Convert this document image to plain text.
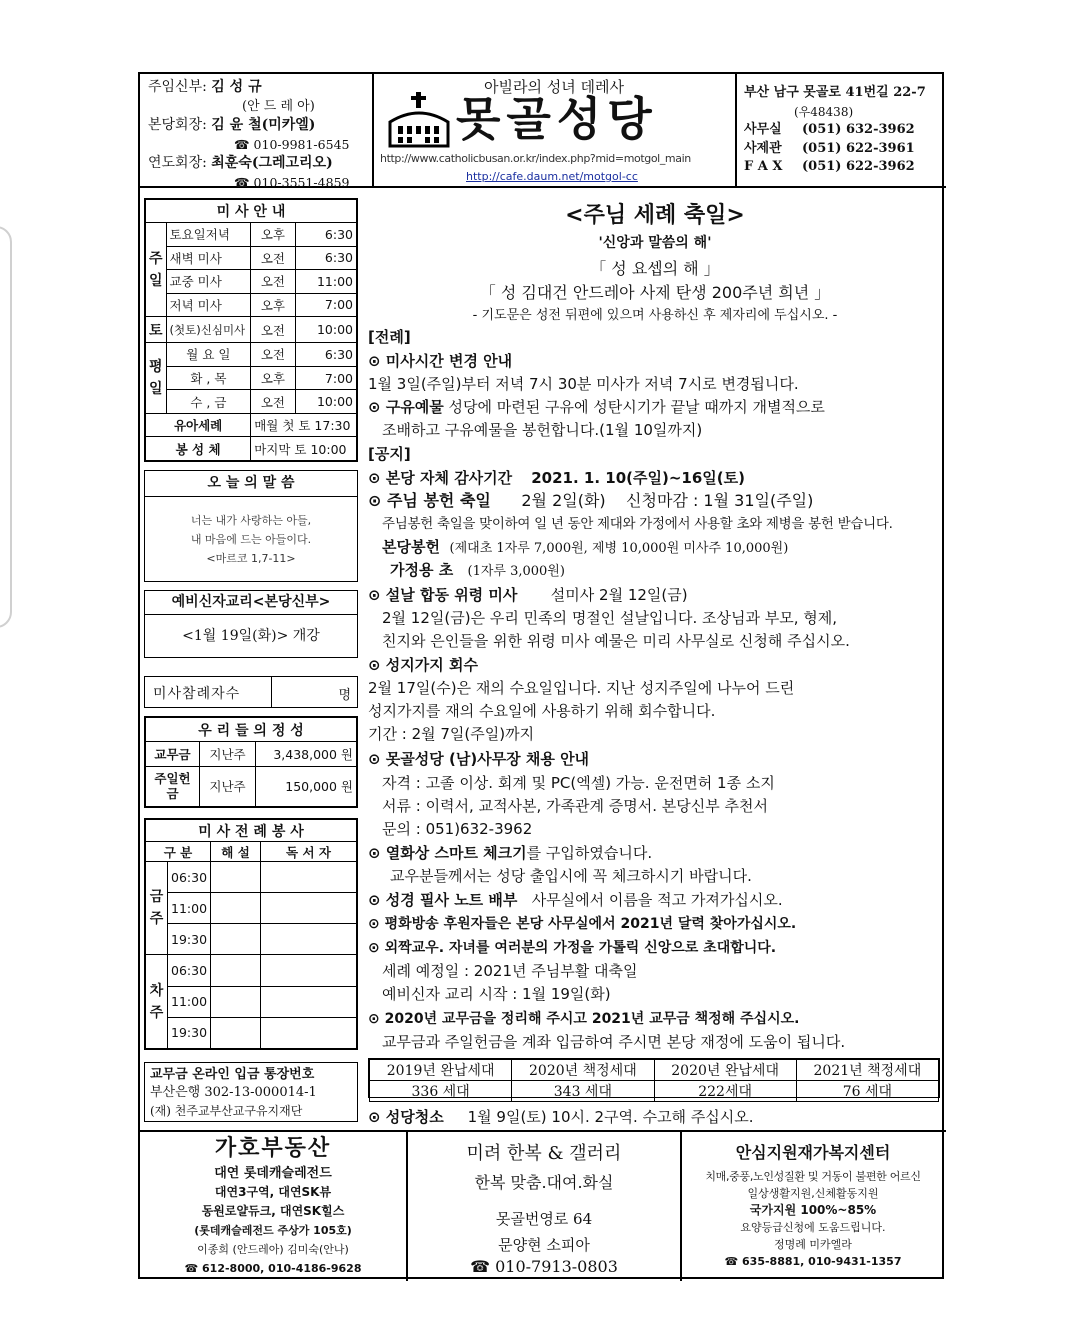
주임신부: 김 성 규
(안 드 레 아)
본당회장: 김 윤 철(미카엘)
☎ 010-9981-6545
연도회장: 최훈숙(그레고리오)
☎ 010-3551-4859
아빌라의 성녀 데레사
못골성당
http://www.catholicbusan.or.kr/index.php?mid=motgol_main
http://cafe.daum.net/motgol-cc
부산 남구 못골로 41번길 22-7
(우48438)
사무실 (051) 632-3962
사제관 (051) 622-3961
F A X (051) 622-3962
미 사 안 내			
주일	토요일저녁	오후	6:30
	새벽 미사	오전	6:30
	교중 미사	오전	11:00
	저녁 미사	오후	7:00
토	(첫토)신심미사	오전	10:00
평일	월 요 일	오전	6:30
	화 , 목	오후	7:00
	수 , 금	오전	10:00
유아세례		매월 첫 토 17:30	
봉 성 체		마지막 토 10:00	
오 늘 의 말 씀
너는 내가 사랑하는 아들,
내 마음에 드는 아들이다.
<마르코 1,7-11>
예비신자교리<본당신부>
<1월 19일(화)> 개강
미사참례자수	명
우 리 들 의 정 성		
교무금	지난주	3,438,000 원
주일헌금	지난주	150,000 원
미 사 전 례 봉 사			
구 분		해 설	독 서 자
금주	06:30		
	11:00		
	19:30		
차주	06:30		
	11:00		
	19:30		
교무금 온라인 입금 통장번호
부산은행 302-13-000014-1
(재) 천주교부산교구유지재단
<주님 세례 축일>
'신앙과 말씀의 해'
「 성 요셉의 해 」
「 성 김대건 안드레아 사제 탄생 200주년 희년 」
- 기도문은 성전 뒤편에 있으며 사용하신 후 제자리에 두십시오. -
[전례]
⊙ 미사시간 변경 안내
1월 3일(주일)부터 저녁 7시 30분 미사가 저녁 7시로 변경됩니다.
⊙ 구유예물 성당에 마련된 구유에 성탄시기가 끝날 때까지 개별적으로
조배하고 구유예물을 봉헌합니다.(1월 10일까지)
[공지]
⊙ 본당 자체 감사기간 2021. 1. 10(주일)~16일(토)
⊙ 주님 봉헌 축일 2월 2일(화) 신청마감 : 1월 31일(주일)
주님봉헌 축일을 맞이하여 일 년 동안 제대와 가정에서 사용할 초와 제병을 봉헌 받습니다.
본당봉헌 (제대초 1자루 7,000원, 제병 10,000원 미사주 10,000원)
가정용 초 (1자루 3,000원)
⊙ 설날 합동 위령 미사 설미사 2월 12일(금)
2월 12일(금)은 우리 민족의 명절인 설날입니다. 조상님과 부모, 형제,
친지와 은인들을 위한 위령 미사 예물은 미리 사무실로 신청해 주십시오.
⊙ 성지가지 회수
2월 17일(수)은 재의 수요일입니다. 지난 성지주일에 나누어 드린
성지가지를 재의 수요일에 사용하기 위해 회수합니다.
기간 : 2월 7일(주일)까지
⊙ 못골성당 (남)사무장 채용 안내
자격 : 고졸 이상. 회계 및 PC(엑셀) 가능. 운전면허 1종 소지
서류 : 이력서, 교적사본, 가족관계 증명서. 본당신부 추천서
문의 : 051)632-3962
⊙ 열화상 스마트 체크기를 구입하였습니다.
교우분들께서는 성당 출입시에 꼭 체크하시기 바랍니다.
⊙ 성경 필사 노트 배부 사무실에서 이름을 적고 가져가십시오.
⊙ 평화방송 후원자들은 본당 사무실에서 2021년 달력 찾아가십시오.
⊙ 외짝교우. 자녀를 여러분의 가정을 가톨릭 신앙으로 초대합니다.
세례 예정일 : 2021년 주님부활 대축일
예비신자 교리 시작 : 1월 19일(화)
⊙ 2020년 교무금을 정리해 주시고 2021년 교무금 책정해 주십시오.
교무금과 주일헌금을 계좌 입금하여 주시면 본당 재정에 도움이 됩니다.
2019년 완납세대	2020년 책정세대	2020년 완납세대	2021년 책정세대
336 세대	343 세대	222세대	76 세대
⊙ 성당청소 1월 9일(토) 10시. 2구역. 수고해 주십시오.
가호부동산
대연 롯데캐슬레전드
대연3구역, 대연SK뷰
동원로얄듀크, 대연SK힐스
(롯데캐슬레전드 주상가 105호)
이종희 (안드레아) 김미숙(안나)
☎ 612-8000, 010-4186-9628
미려 한복 & 갤러리
한복 맞춤.대여.화실
못골번영로 64
문양현 소피아
☎ 010-7913-0803
안심지원재가복지센터
치매,중풍,노인성질환 및 거동이 불편한 어르신
일상생활지원,신체활동지원
국가지원 100%~85%
요양등급신청에 도움드립니다.
정명례 미카엘라
☎ 635-8881, 010-9431-1357
